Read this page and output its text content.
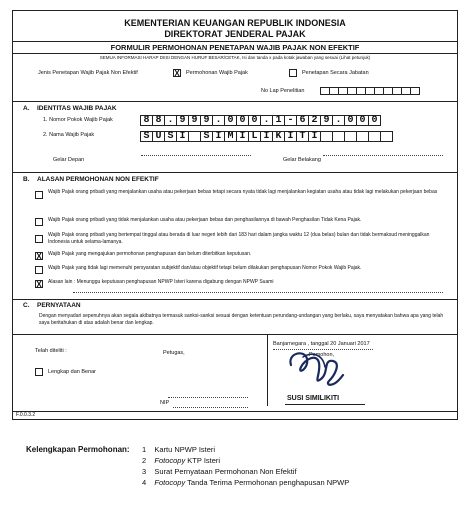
KEMENTERIAN KEUANGAN REPUBLIK INDONESIA
DIREKTORAT JENDERAL PAJAK
FORMULIR PERMOHONAN PENETAPAN WAJIB PAJAK NON EFEKTIF
SEMUA INFORMASI HARAP DIISI DENGAN HURUF BESAR/CETAK, Isi dan tanda x pada kotak jawaban yang sesuai (Lihat petunjuk)
Jenis Penetapan Wajib Pajak Non Efektif	X Permohonan Wajib Pajak	Penetapan Secara Jabatan
No Lap Penelitian
A. IDENTITAS WAJIB PAJAK
1. Nomor Pokok Wajib Pajak	8 8 . 9 9 9 . 0 0 0 . 1 - 6 2 9 . 0 0 0
2. Nama Wajib Pajak	S U S I	S I M I L I K I T I
Gelar Depan	Gelar Belakang
B. ALASAN PERMOHONAN NON EFEKTIF
Wajib Pajak orang pribadi yang menjalankan usaha atau pekerjaan bebas tetapi secara nyata tidak lagi menjalankan kegiatan usaha atau tidak lagi melakukan pekerjaan bebas
Wajib Pajak orang pribadi yang tidak menjalankan usaha atau pekerjaan bebas dan penghasilannya di bawah Penghasilan Tidak Kena Pajak.
Wajib Pajak orang pribadi yang bertempat tinggal atau berada di luar negeri lebih dari 183 hari dalam jangka waktu 12 (dua belas) bulan dan tidak bermaksud meninggalkan Indonesia untuk selama-lamanya.
X Wajib Pajak yang mengajukan permohonan penghapusan dan belum diterbitkan keputusan.
Wajib Pajak yang tidak lagi memenuhi persyaratan subjektif dan/atau objektif tetapi belum dilakukan penghapusan Nomor Pokok Wajib Pajak.
X Alasan lain : Menunggu keputusan penghapusan NPWP Isteri karena digabung dengan NPWP Suami
C. PERNYATAAN
Dengan menyadari sepenuhnya akan segala akibatnya termasuk sanksi-sanksi sesuai dengan ketentuan perundang-undangan yang berlaku, saya menyatakan bahwa apa yang telah saya beritahukan di atas adalah benar dan lengkap.
Telah diteliti :	Petugas,
Lengkap dan Benar
NIP
Banjarnegara , tanggal 20 Januari 2017
Pemohon,
SUSI SIMILIKITI
F.0.0.3.2
Kelengkapan Permohonan: 1 Kartu NPWP Isteri
2 Fotocopy KTP Isteri
3 Surat Pernyataan Permohonan Non Efektif
4 Fotocopy Tanda Terima Permohonan penghapusan NPWP
